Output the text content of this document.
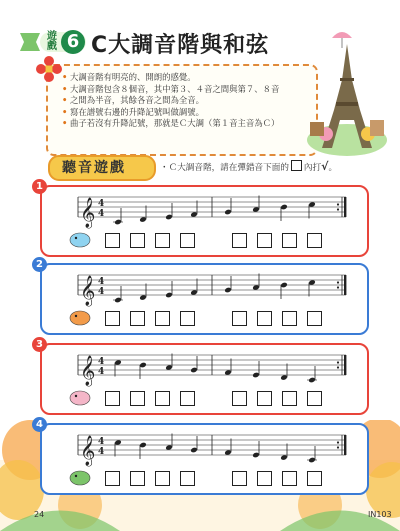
遊戲 6 C大調音階與和弦
• 大調音階有明亮的、開朗的感覺。
• 大調音階包含８個音，其中第３、４音之間與第７、８音
• 之間為半音，其餘各音之間為全音。
• 寫在譜號右邊的升降記號叫做調號。
• 曲子若沒有升降記號，那就是Ｃ大調（第１音主音為Ｃ）
聽音遊戲	・Ｃ大調音階，請在彈錯音下面的 內打√。
24	IN103
1
𝄞 4
4
2
𝄞 4
4
3
𝄞 4
4
4
𝄞 4
4
